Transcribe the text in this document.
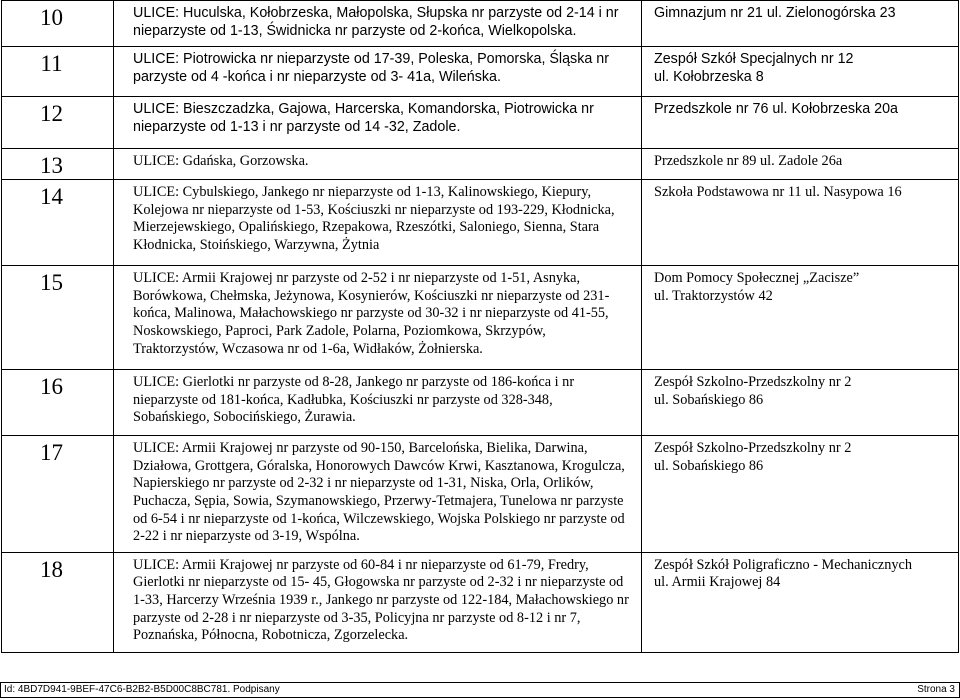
10	ULICE: Huculska, Kołobrzeska, Małopolska, Słupska nr parzyste od 2-14 i nr nieparzyste od 1-13, Świdnicka nr parzyste od 2-końca, Wielkopolska.	Gimnazjum nr 21 ul. Zielonogórska 23

11	ULICE: Piotrowicka nr nieparzyste od 17-39, Poleska, Pomorska, Śląska nr parzyste od 4 -końca i nr nieparzyste od 3- 41a, Wileńska.	Zespół Szkół Specjalnych nr 12
ul. Kołobrzeska 8

12	ULICE: Bieszczadzka, Gajowa, Harcerska, Komandorska, Piotrowicka nr nieparzyste od 1-13 i nr parzyste od 14 -32, Zadole.	Przedszkole nr 76 ul. Kołobrzeska 20a

13	ULICE: Gdańska, Gorzowska.	Przedszkole nr 89 ul. Zadole 26a

14	ULICE: Cybulskiego, Jankego nr nieparzyste od 1-13, Kalinowskiego, Kiepury, Kolejowa nr nieparzyste od 1-53, Kościuszki nr nieparzyste od 193-229, Kłodnicka, Mierzejewskiego, Opalińskiego, Rzepakowa, Rzeszótki, Saloniego, Sienna, Stara Kłodnicka, Stoińskiego, Warzywna, Żytnia	Szkoła Podstawowa nr 11 ul. Nasypowa 16

15	ULICE: Armii Krajowej nr parzyste od 2-52 i nr nieparzyste od 1-51, Asnyka, Borówkowa, Chełmska, Jeżynowa, Kosynierów, Kościuszki nr nieparzyste od 231-końca, Malinowa, Małachowskiego nr parzyste od 30-32 i nr nieparzyste od 41-55, Noskowskiego, Paproci, Park Zadole, Polarna, Poziomkowa, Skrzypów, Traktorzystów, Wczasowa nr od 1-6a, Widłaków, Żołnierska.	Dom Pomocy Społecznej „Zacisze”
ul. Traktorzystów 42

16	ULICE: Gierlotki nr parzyste od 8-28, Jankego nr parzyste od 186-końca i nr nieparzyste od 181-końca, Kadłubka, Kościuszki nr parzyste od 328-348, Sobańskiego, Sobocińskiego, Żurawia.	Zespół Szkolno-Przedszkolny nr 2
ul. Sobańskiego 86

17	ULICE: Armii Krajowej nr parzyste od 90-150, Barcelońska, Bielika, Darwina, Działowa, Grottgera, Góralska, Honorowych Dawców Krwi, Kasztanowa, Krogulcza, Napierskiego nr parzyste od 2-32 i nr nieparzyste od 1-31, Niska, Orla, Orlików, Puchacza, Sępia, Sowia, Szymanowskiego, Przerwy-Tetmajera, Tunelowa nr parzyste od 6-54 i nr nieparzyste od 1-końca, Wilczewskiego, Wojska Polskiego nr parzyste od 2-22 i nr nieparzyste od 3-19, Wspólna.	Zespół Szkolno-Przedszkolny nr 2
ul. Sobańskiego 86

18	ULICE: Armii Krajowej nr parzyste od 60-84 i nr nieparzyste od 61-79, Fredry, Gierlotki nr nieparzyste od 15- 45, Głogowska nr parzyste od 2-32 i nr nieparzyste od 1-33, Harcerzy Września 1939 r., Jankego nr parzyste od 122-184, Małachowskiego nr parzyste od 2-28 i nr nieparzyste od 3-35, Policyjna nr parzyste od 8-12 i nr 7, Poznańska, Północna, Robotnicza, Zgorzelecka.	Zespół Szkół Poligraficzno - Mechanicznych
ul. Armii Krajowej 84
Id: 4BD7D941-9BEF-47C6-B2B2-B5D00C8BC781. Podpisany	Strona 3
